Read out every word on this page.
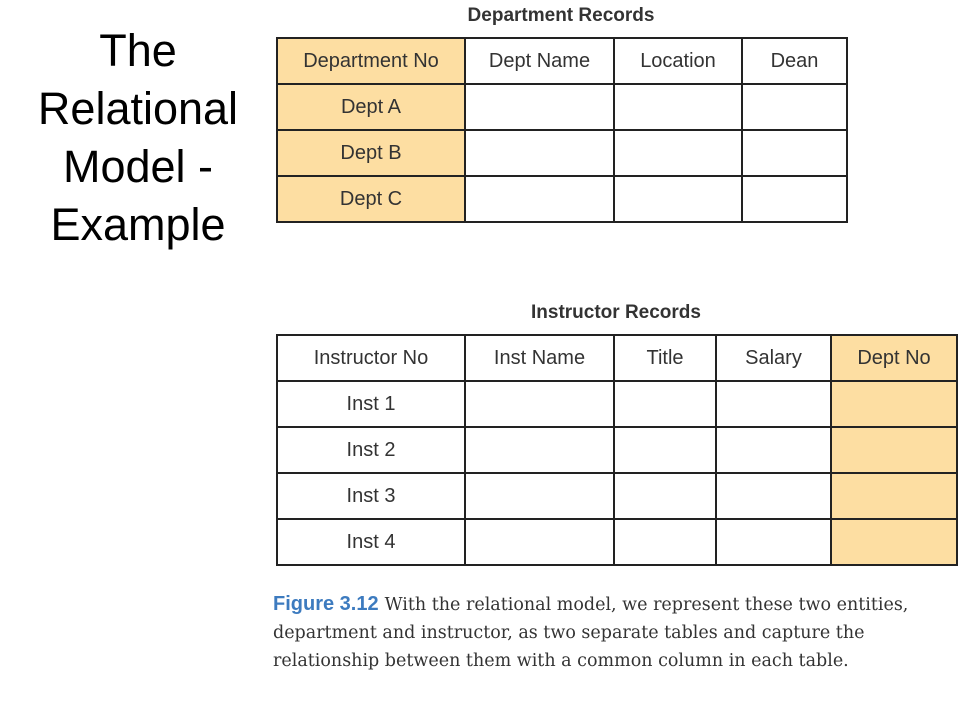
The
Relational
Model -
Example
Department Records
Department No	Dept Name	Location	Dean
Dept A			
Dept B			
Dept C			
Instructor Records
Instructor No	Inst Name	Title	Salary	Dept No
Inst 1				
Inst 2				
Inst 3				
Inst 4				
Figure 3.12 With the relational model, we represent these two entities, department and instructor, as two separate tables and capture the relationship between them with a common column in each table.
